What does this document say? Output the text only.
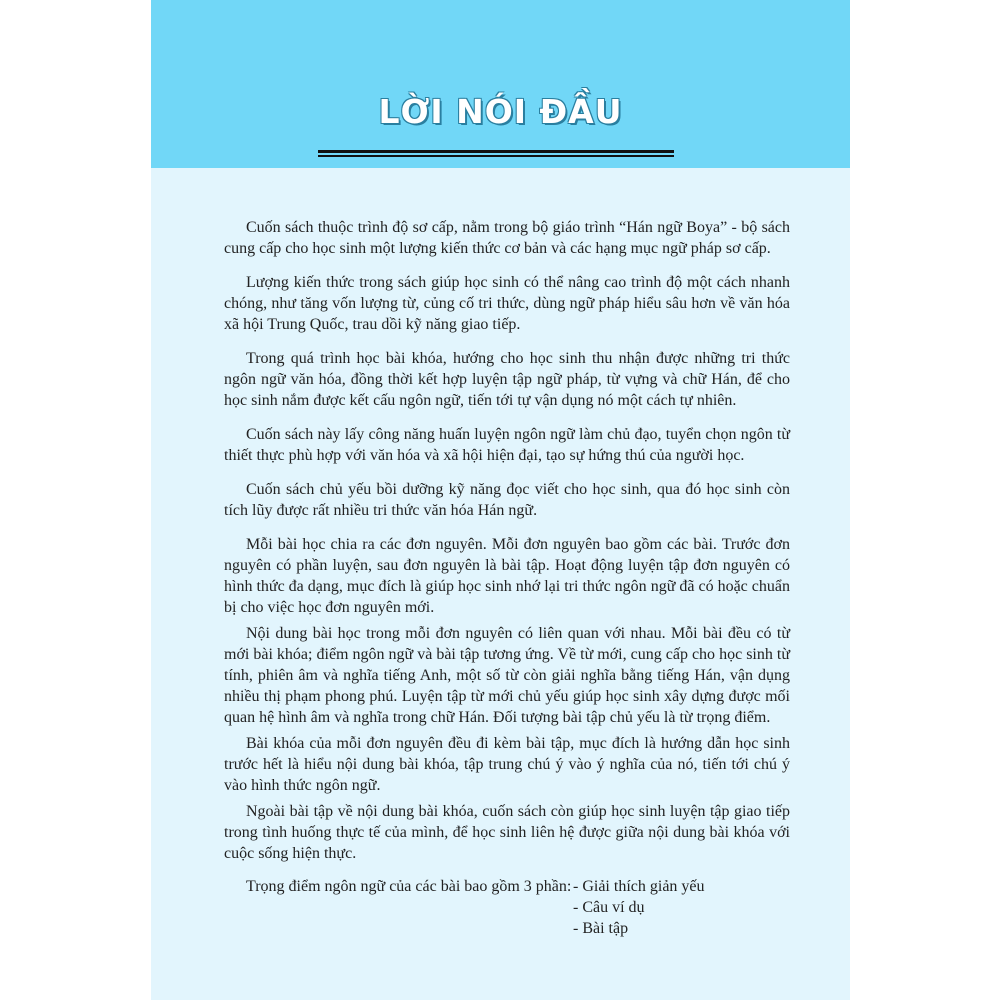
LỜI NÓI ĐẦU

Cuốn sách thuộc trình độ sơ cấp, nằm trong bộ giáo trình “Hán ngữ Boya” - bộ sách cung cấp cho học sinh một lượng kiến thức cơ bản và các hạng mục ngữ pháp sơ cấp.

Lượng kiến thức trong sách giúp học sinh có thể nâng cao trình độ một cách nhanh chóng, như tăng vốn lượng từ, củng cố tri thức, dùng ngữ pháp hiểu sâu hơn về văn hóa xã hội Trung Quốc, trau dồi kỹ năng giao tiếp.

Trong quá trình học bài khóa, hướng cho học sinh thu nhận được những tri thức ngôn ngữ văn hóa, đồng thời kết hợp luyện tập ngữ pháp, từ vựng và chữ Hán, để cho học sinh nắm được kết cấu ngôn ngữ, tiến tới tự vận dụng nó một cách tự nhiên.

Cuốn sách này lấy công năng huấn luyện ngôn ngữ làm chủ đạo, tuyển chọn ngôn từ thiết thực phù hợp với văn hóa và xã hội hiện đại, tạo sự hứng thú của người học.

Cuốn sách chủ yếu bồi dưỡng kỹ năng đọc viết cho học sinh, qua đó học sinh còn tích lũy được rất nhiều tri thức văn hóa Hán ngữ.

Mỗi bài học chia ra các đơn nguyên. Mỗi đơn nguyên bao gồm các bài. Trước đơn nguyên có phần luyện, sau đơn nguyên là bài tập. Hoạt động luyện tập đơn nguyên có hình thức đa dạng, mục đích là giúp học sinh nhớ lại tri thức ngôn ngữ đã có hoặc chuẩn bị cho việc học đơn nguyên mới.

Nội dung bài học trong mỗi đơn nguyên có liên quan với nhau. Mỗi bài đều có từ mới bài khóa; điểm ngôn ngữ và bài tập tương ứng. Về từ mới, cung cấp cho học sinh từ tính, phiên âm và nghĩa tiếng Anh, một số từ còn giải nghĩa bằng tiếng Hán, vận dụng nhiều thị phạm phong phú. Luyện tập từ mới chủ yếu giúp học sinh xây dựng được mối quan hệ hình âm và nghĩa trong chữ Hán. Đối tượng bài tập chủ yếu là từ trọng điểm.

Bài khóa của mỗi đơn nguyên đều đi kèm bài tập, mục đích là hướng dẫn học sinh trước hết là hiểu nội dung bài khóa, tập trung chú ý vào ý nghĩa của nó, tiến tới chú ý vào hình thức ngôn ngữ.

Ngoài bài tập về nội dung bài khóa, cuốn sách còn giúp học sinh luyện tập giao tiếp trong tình huống thực tế của mình, để học sinh liên hệ được giữa nội dung bài khóa với cuộc sống hiện thực.

Trọng điểm ngôn ngữ của các bài bao gồm 3 phần: - Giải thích giản yếu
- Câu ví dụ
- Bài tập
